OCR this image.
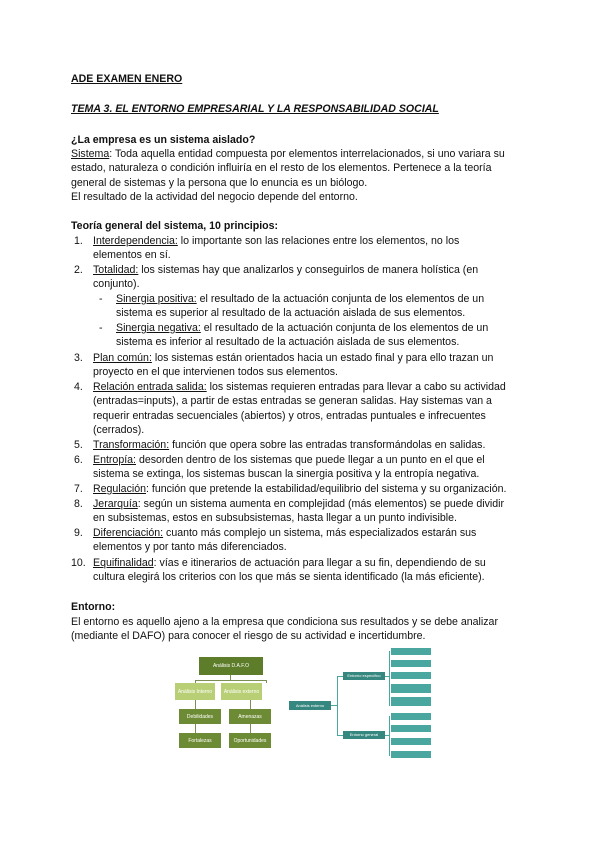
ADE EXAMEN ENERO
TEMA 3. EL ENTORNO EMPRESARIAL Y LA RESPONSABILIDAD SOCIAL
¿La empresa es un sistema aislado?
Sistema: Toda aquella entidad compuesta por elementos interrelacionados, si uno variara su
estado, naturaleza o condición influiría en el resto de los elementos. Pertenece a la teoría
general de sistemas y la persona que lo enuncia es un biólogo.
El resultado de la actividad del negocio depende del entorno.
Teoría general del sistema, 10 principios:
1. Interdependencia: lo importante son las relaciones entre los elementos, no los
elementos en sí.
2. Totalidad: los sistemas hay que analizarlos y conseguirlos de manera holística (en
conjunto).
- Sinergia positiva: el resultado de la actuación conjunta de los elementos de un
sistema es superior al resultado de la actuación aislada de sus elementos.
- Sinergia negativa: el resultado de la actuación conjunta de los elementos de un
sistema es inferior al resultado de la actuación aislada de sus elementos.
3. Plan común: los sistemas están orientados hacia un estado final y para ello trazan un
proyecto en el que intervienen todos sus elementos.
4. Relación entrada salida: los sistemas requieren entradas para llevar a cabo su actividad
(entradas=inputs), a partir de estas entradas se generan salidas. Hay sistemas van a
requerir entradas secuenciales (abiertos) y otros, entradas puntuales e infrecuentes
(cerrados).
5. Transformación: función que opera sobre las entradas transformándolas en salidas.
6. Entropía: desorden dentro de los sistemas que puede llegar a un punto en el que el
sistema se extinga, los sistemas buscan la sinergia positiva y la entropía negativa.
7. Regulación: función que pretende la estabilidad/equilibrio del sistema y su organización.
8. Jerarquía: según un sistema aumenta en complejidad (más elementos) se puede dividir
en subsistemas, estos en subsubsistemas, hasta llegar a un punto indivisible.
9. Diferenciación: cuanto más complejo un sistema, más especializados estarán sus
elementos y por tanto más diferenciados.
10. Equifinalidad: vías e itinerarios de actuación para llegar a su fin, dependiendo de su
cultura elegirá los criterios con los que más se sienta identificado (la más eficiente).
Entorno:
El entorno es aquello ajeno a la empresa que condiciona sus resultados y se debe analizar
(mediante el DAFO) para conocer el riesgo de su actividad e incertidumbre.
Análisis D.A.F.O
Análisis Interno	Análisis externo
Debilidades
Fortalezas
Amenazas
Oportunidades
Análisis externo
Entorno específico
Entorno general
